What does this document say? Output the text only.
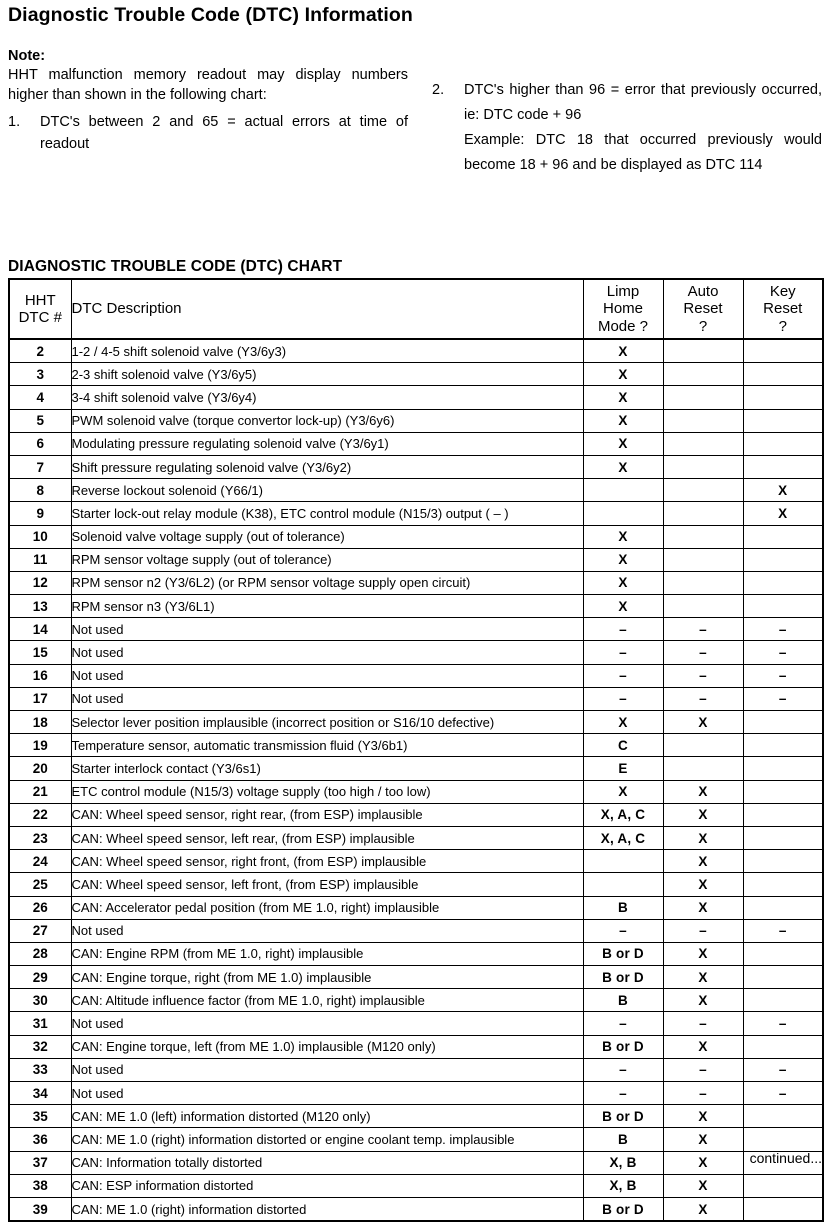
Diagnostic Trouble Code (DTC) Information
Note:

HHT malfunction memory readout may display numbers higher than shown in the following chart:

1.	DTC's between 2 and 65 = actual errors at time of readout
2.	DTC's higher than 96 = error that previously occurred, ie: DTC code + 96

Example: DTC 18 that occurred previously would become 18 + 96 and be displayed as DTC 114

DIAGNOSTIC TROUBLE CODE (DTC) CHART
HHT
DTC #
	DTC Description	
Limp
Home
Mode ?

Auto
Reset
?

Key
Reset
?

2	1-2 / 4-5 shift solenoid valve (Y3/6y3)	X		
3	2-3 shift solenoid valve (Y3/6y5)	X		
4	3-4 shift solenoid valve (Y3/6y4)	X		
5	PWM solenoid valve (torque convertor lock-up) (Y3/6y6)	X		
6	Modulating pressure regulating solenoid valve (Y3/6y1)	X		
7	Shift pressure regulating solenoid valve (Y3/6y2)	X		
8	Reverse lockout solenoid (Y66/1)			X
9	Starter lock-out relay module (K38), ETC control module (N15/3) output ( – )			X
10	Solenoid valve voltage supply (out of tolerance)	X		
11	RPM sensor voltage supply (out of tolerance)	X		
12	RPM sensor n2 (Y3/6L2) (or RPM sensor voltage supply open circuit)	X		
13	RPM sensor n3 (Y3/6L1)	X		
14	Not used	–	–	–
15	Not used	–	–	–
16	Not used	–	–	–
17	Not used	–	–	–
18	Selector lever position implausible (incorrect position or S16/10 defective)	X	X	
19	Temperature sensor, automatic transmission fluid (Y3/6b1)	C		
20	Starter interlock contact (Y3/6s1)	E		
21	ETC control module (N15/3) voltage supply (too high / too low)	X	X	
22	CAN: Wheel speed sensor, right rear, (from ESP) implausible	X, A, C	X	
23	CAN: Wheel speed sensor, left rear, (from ESP) implausible	X, A, C	X	
24	CAN: Wheel speed sensor, right front, (from ESP) implausible		X	
25	CAN: Wheel speed sensor, left front, (from ESP) implausible		X	
26	CAN: Accelerator pedal position (from ME 1.0, right) implausible	B	X	
27	Not used	–	–	–
28	CAN: Engine RPM (from ME 1.0, right) implausible	B or D	X	
29	CAN: Engine torque, right (from ME 1.0) implausible	B or D	X	
30	CAN: Altitude influence factor (from ME 1.0, right) implausible	B	X	
31	Not used	–	–	–
32	CAN: Engine torque, left (from ME 1.0) implausible (M120 only)	B or D	X	
33	Not used	–	–	–
34	Not used	–	–	–
35	CAN: ME 1.0 (left) information distorted (M120 only)	B or D	X	
36	CAN: ME 1.0 (right) information distorted or engine coolant temp. implausible	B	X	
37	CAN: Information totally distorted	X, B	X	
38	CAN: ESP information distorted	X, B	X	
39	CAN: ME 1.0 (right) information distorted	B or D	X	
continued...
